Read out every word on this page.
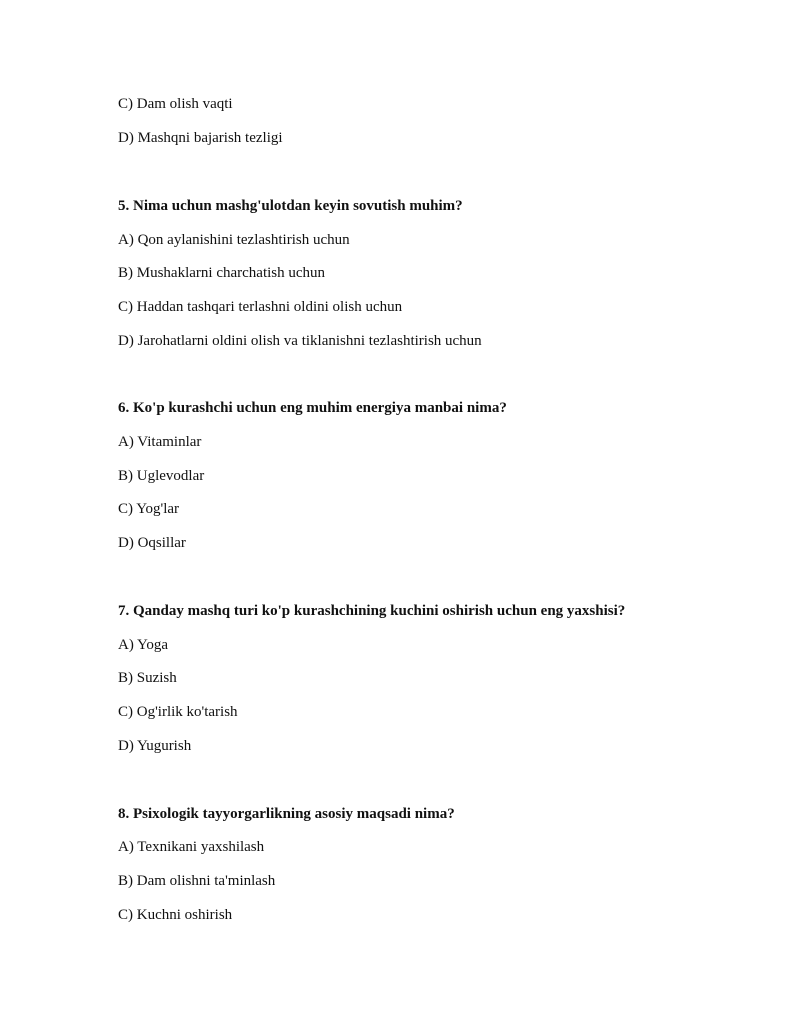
C) Dam olish vaqti
D) Mashqni bajarish tezligi
5. Nima uchun mashg'ulotdan keyin sovutish muhim?
A) Qon aylanishini tezlashtirish uchun
B) Mushaklarni charchatish uchun
C) Haddan tashqari terlashni oldini olish uchun
D) Jarohatlarni oldini olish va tiklanishni tezlashtirish uchun
6. Ko'p kurashchi uchun eng muhim energiya manbai nima?
A) Vitaminlar
B) Uglevodlar
C) Yog'lar
D) Oqsillar
7. Qanday mashq turi ko'p kurashchining kuchini oshirish uchun eng yaxshisi?
A) Yoga
B) Suzish
C) Og'irlik ko'tarish
D) Yugurish
8. Psixologik tayyorgarlikning asosiy maqsadi nima?
A) Texnikani yaxshilash
B) Dam olishni ta'minlash
C) Kuchni oshirish
